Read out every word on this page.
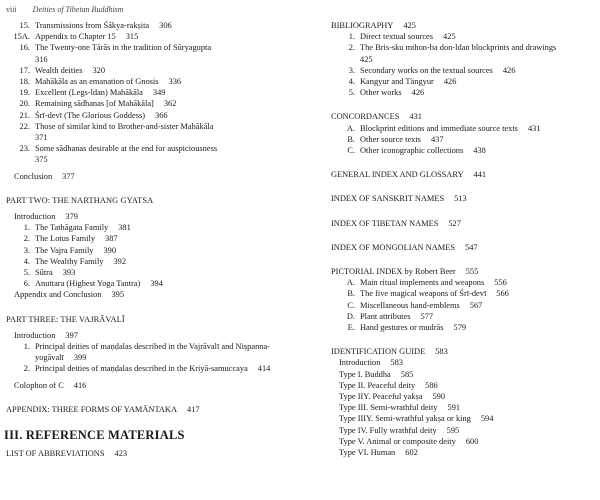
viii Deities of Tibetan Buddhism
15. Transmissions from Śākya-rakṣita 306
15A. Appendix to Chapter 15 315
16. The Twenty-one Tārās in the tradition of Sūryagupta
316
17. Wealth deities 320
18. Mahākāla as an emanation of Gnosis 336
19. Excellent (Legs-ldan) Mahākāla 349
20. Remaining sādhanas [of Mahākāla] 362
21. Śrī-devī (The Glorious Goddess) 366
22. Those of similar kind to Brother-and-sister Mahākāla
371
23. Some sādhanas desirable at the end for auspiciousness
375
Conclusion 377
PART TWO: THE NARTHANG GYATSA
Introduction 379
1. The Tathāgata Family 381
2. The Lotus Family 387
3. The Vajra Family 390
4. The Wealthy Family 392
5. Sūtra 393
6. Anuttara (Highest Yoga Tantra) 394
Appendix and Conclusion 395
PART THREE: THE VAJRĀVALĪ
Introduction 397
1. Principal deities of maṇḍalas described in the Vajrāvalī and Niṣpanna-yogāvalī 399
2. Principal deities of maṇḍalas described in the Kriyā-samuccaya 414
Colophon of C 416
APPENDIX: THREE FORMS OF YAMĀNTAKA 417
III. REFERENCE MATERIALS
LIST OF ABBREVIATIONS 423
BIBLIOGRAPHY 425
1. Direct textual sources 425
2. The Bris-sku mthon-ba don-ldan blockprints and drawings
425
3. Secondary works on the textual sources 426
4. Kangyur and Tängyur 426
5. Other works 426
CONCORDANCES 431
A. Blockprint editions and immediate source texts 431
B. Other source texts 437
C. Other iconographic collections 438
GENERAL INDEX AND GLOSSARY 441
INDEX OF SANSKRIT NAMES 513
INDEX OF TIBETAN NAMES 527
INDEX OF MONGOLIAN NAMES 547
PICTORIAL INDEX by Robert Beer 555
A. Main ritual implements and weapons 556
B. The five magical weapons of Śrī-devī 566
C. Miscellaneous hand-emblems 567
D. Plant attributes 577
E. Hand gestures or mudrās 579
IDENTIFICATION GUIDE 583
Introduction 583
Type I. Buddha 585
Type II. Peaceful deity 586
Type IIY. Peaceful yakṣa 590
Type III. Semi-wrathful deity 591
Type IIIY. Semi-wrathful yakṣa or king 594
Type IV. Fully wrathful deity 595
Type V. Animal or composite deity 600
Type VI. Human 602
